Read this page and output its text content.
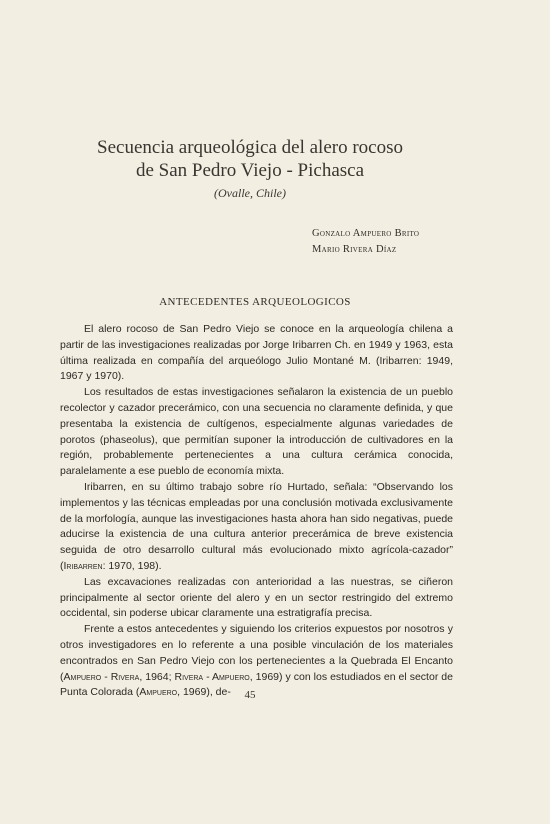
Secuencia arqueológica del alero rocoso
de San Pedro Viejo - Pichasca
(Ovalle, Chile)
Gonzalo Ampuero Brito
Mario Rivera Díaz
ANTECEDENTES ARQUEOLOGICOS

El alero rocoso de San Pedro Viejo se conoce en la arqueología chilena a partir de las investigaciones realizadas por Jorge Iribarren Ch. en 1949 y 1963, esta última realizada en compañía del arqueólogo Julio Montané M. (Iribarren: 1949, 1967 y 1970).

Los resultados de estas investigaciones señalaron la existencia de un pueblo recolector y cazador precerámico, con una secuencia no claramente definida, y que presentaba la existencia de cultígenos, especialmente algunas variedades de porotos (phaseolus), que permitían suponer la introducción de cultivadores en la región, probablemente pertenecientes a una cultura cerámica conocida, paralelamente a ese pueblo de economía mixta.

Iribarren, en su último trabajo sobre río Hurtado, señala: “Observando los implementos y las técnicas empleadas por una conclusión motivada exclusivamente de la morfología, aunque las investigaciones hasta ahora han sido negativas, puede aducirse la existencia de una cultura anterior precerámica de breve existencia seguida de otro desarrollo cultural más evolucionado mixto agrícola-cazador” (Iribarren: 1970, 198).

Las excavaciones realizadas con anterioridad a las nuestras, se ciñeron principalmente al sector oriente del alero y en un sector restringido del extremo occidental, sin poderse ubicar claramente una estratigrafía precisa.

Frente a estos antecedentes y siguiendo los criterios expuestos por nosotros y otros investigadores en lo referente a una posible vinculación de los materiales encontrados en San Pedro Viejo con los pertenecientes a la Quebrada El Encanto (Ampuero - Rivera, 1964; Rivera - Ampuero, 1969) y con los estudiados en el sector de Punta Colorada (Ampuero, 1969), de-	45
